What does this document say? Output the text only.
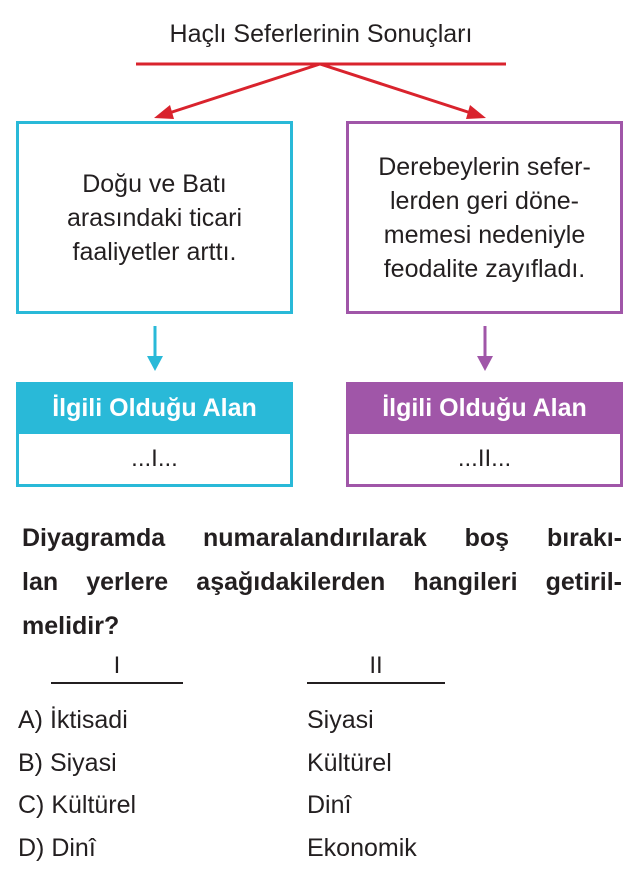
Haçlı Seferlerinin Sonuçları
Doğu ve Batı
arasındaki ticari
faaliyetler arttı.
Derebeylerin sefer-
lerden geri döne-
memesi nedeniyle
feodalite zayıfladı.
İlgili Olduğu Alan	İlgili Olduğu Alan
...I...	...II...
Diyagramda numaralandırılarak boş bırakı-
lan yerlere aşağıdakilerden hangileri getiril-
melidir?
I	II
A) İktisadi	Siyasi
B) Siyasi	Kültürel
C) Kültürel	Dinî
D) Dinî	Ekonomik
